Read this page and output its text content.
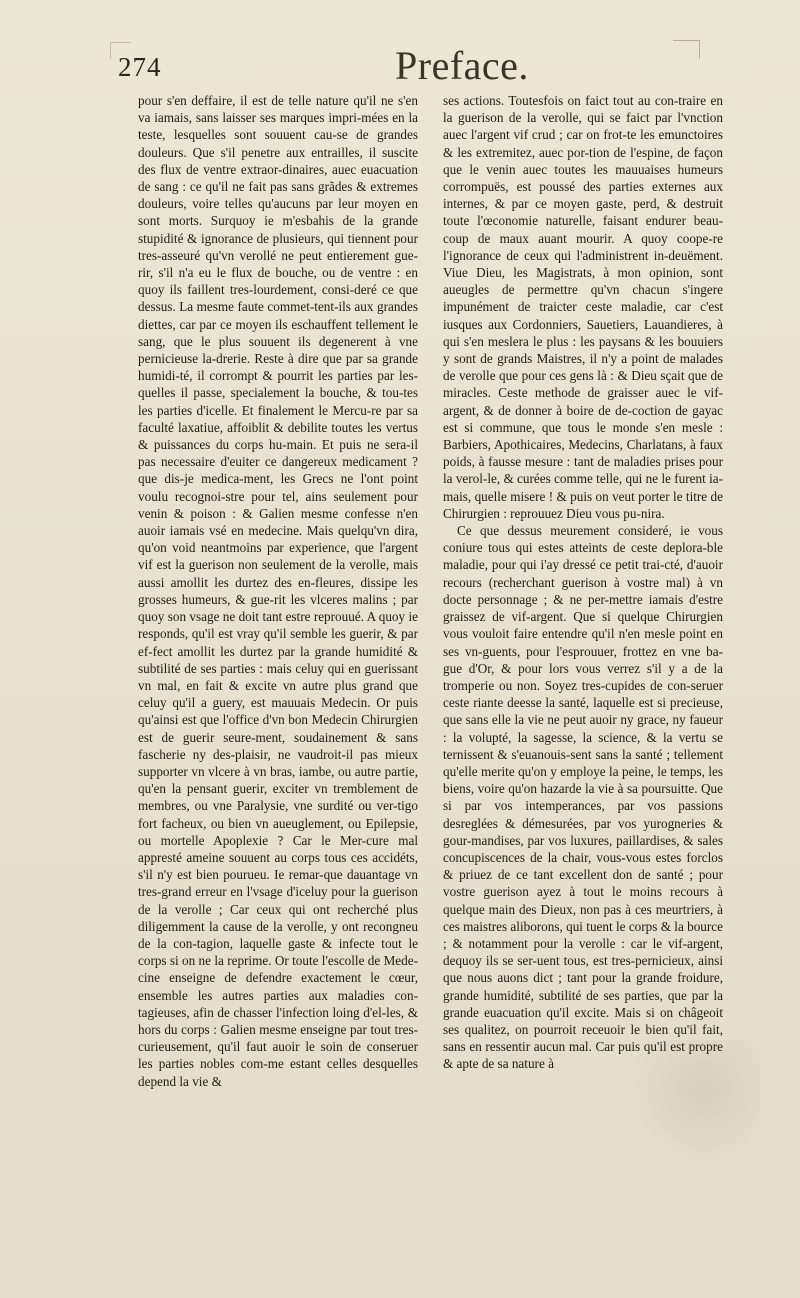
274	Preface.

pour s'en deffaire, il est de telle nature qu'il ne s'en va iamais, sans laisser ses marques impri-mées en la teste, lesquelles sont souuent cau-se de grandes douleurs. Que s'il penetre aux entrailles, il suscite des flux de ventre extraor-dinaires, auec euacuation de sang : ce qu'il ne fait pas sans grãdes & extremes douleurs, voire telles qu'aucuns par leur moyen en sont morts. Surquoy ie m'esbahis de la grande stupidité & ignorance de plusieurs, qui tiennent pour tres-asseuré qu'vn verollé ne peut entierement gue-rir, s'il n'a eu le flux de bouche, ou de ventre : en quoy ils faillent tres-lourdement, consi-deré ce que dessus. La mesme faute commet-tent-ils aux grandes diettes, car par ce moyen ils eschauffent tellement le sang, que le plus souuent ils degenerent à vne pernicieuse la-drerie. Reste à dire que par sa grande humidi-té, il corrompt & pourrit les parties par les-quelles il passe, specialement la bouche, & tou-tes les parties d'icelle. Et finalement le Mercu-re par sa faculté laxatiue, affoiblit & debilite toutes les vertus & puissances du corps hu-main. Et puis ne sera-il pas necessaire d'euiter ce dangereux medicament ? que dis-je medica-ment, les Grecs ne l'ont point voulu recognoi-stre pour tel, ains seulement pour venin & poison : & Galien mesme confesse n'en auoir iamais vsé en medecine. Mais quelqu'vn dira, qu'on void neantmoins par experience, que l'argent vif est la guerison non seulement de la verolle, mais aussi amollit les durtez des en-fleures, dissipe les grosses humeurs, & gue-rit les vlceres malins ; par quoy son vsage ne doit tant estre reprouué. A quoy ie responds, qu'il est vray qu'il semble les guerir, & par ef-fect amollit les durtez par la grande humidité & subtilité de ses parties : mais celuy qui en guerissant vn mal, en fait & excite vn autre plus grand que celuy qu'il a guery, est mauuais Medecin. Or puis qu'ainsi est que l'office d'vn bon Medecin Chirurgien est de guerir seure-ment, soudainement & sans fascherie ny des-plaisir, ne vaudroit-il pas mieux supporter vn vlcere à vn bras, iambe, ou autre partie, qu'en la pensant guerir, exciter vn tremblement de membres, ou vne Paralysie, vne surdité ou ver-tigo fort facheux, ou bien vn aueuglement, ou Epilepsie, ou mortelle Apoplexie ? Car le Mer-cure mal appresté ameine souuent au corps tous ces accidéts, s'il n'y est bien pourueu. Ie remar-que dauantage vn tres-grand erreur en l'vsage d'iceluy pour la guerison de la verolle ; Car ceux qui ont recherché plus diligemment la cause de la verolle, y ont recongneu de la con-tagion, laquelle gaste & infecte tout le corps si on ne la reprime. Or toute l'escolle de Mede-cine enseigne de defendre exactement le cœur, ensemble les autres parties aux maladies con-tagieuses, afin de chasser l'infection loing d'el-les, & hors du corps : Galien mesme enseigne par tout tres-curieusement, qu'il faut auoir le soin de conseruer les parties nobles com-me estant celles desquelles depend la vie &

ses actions. Toutesfois on faict tout au con-traire en la guerison de la verolle, qui se faict par l'vnction auec l'argent vif crud ; car on frot-te les emunctoires & les extremitez, auec por-tion de l'espine, de façon que le venin auec toutes les mauuaises humeurs corrompuës, est poussé des parties externes aux internes, & par ce moyen gaste, perd, & destruit toute l'œconomie naturelle, faisant endurer beau-coup de maux auant mourir. A quoy coope-re l'ignorance de ceux qui l'administrent in-deuëment. Viue Dieu, les Magistrats, à mon opinion, sont aueugles de permettre qu'vn chacun s'ingere impunément de traicter ceste maladie, car c'est iusques aux Cordonniers, Sauetiers, Lauandieres, à qui s'en meslera le plus : les paysans & les bouuiers y sont de grands Maistres, il n'y a point de malades de verolle que pour ces gens là : & Dieu sçait que de miracles. Ceste methode de graisser auec le vif-argent, & de donner à boire de de-coction de gayac est si commune, que tous le monde s'en mesle : Barbiers, Apothicaires, Medecins, Charlatans, à faux poids, à fausse mesure : tant de maladies prises pour la verol-le, & curées comme telle, qui ne le furent ia-mais, quelle misere ! & puis on veut porter le titre de Chirurgien : reprouuez Dieu vous pu-nira.

Ce que dessus meurement consideré, ie vous coniure tous qui estes atteints de ceste deplora-ble maladie, pour qui i'ay dressé ce petit trai-cté, d'auoir recours (recherchant guerison à vostre mal) à vn docte personnage ; & ne per-mettre iamais d'estre graissez de vif-argent. Que si quelque Chirurgien vous vouloit faire entendre qu'il n'en mesle point en ses vn-guents, pour l'esprouuer, frottez en vne ba-gue d'Or, & pour lors vous verrez s'il y a de la tromperie ou non. Soyez tres-cupides de con-seruer ceste riante deesse la santé, laquelle est si precieuse, que sans elle la vie ne peut auoir ny grace, ny faueur : la volupté, la sagesse, la science, & la vertu se ternissent & s'euanouis-sent sans la santé ; tellement qu'elle merite qu'on y employe la peine, le temps, les biens, voire qu'on hazarde la vie à sa poursuitte. Que si par vos intemperances, par vos passions desreglées & démesurées, par vos yurogneries & gour-mandises, par vos luxures, paillardises, & sales concupiscences de la chair, vous-vous estes forclos & priuez de ce tant excellent don de santé ; pour vostre guerison ayez à tout le moins recours à quelque main des Dieux, non pas à ces meurtriers, à ces maistres aliborons, qui tuent le corps & la bource ; & notamment pour la verolle : car le vif-argent, dequoy ils se ser-uent tous, est tres-pernicieux, ainsi que nous auons dict ; tant pour la grande froidure, grande humidité, subtilité de ses parties, que par la grande euacuation qu'il excite. Mais si on châgeoit ses qualitez, on pourroit receuoir le bien qu'il fait, sans en ressentir aucun mal. Car puis qu'il est propre & apte de sa nature à
